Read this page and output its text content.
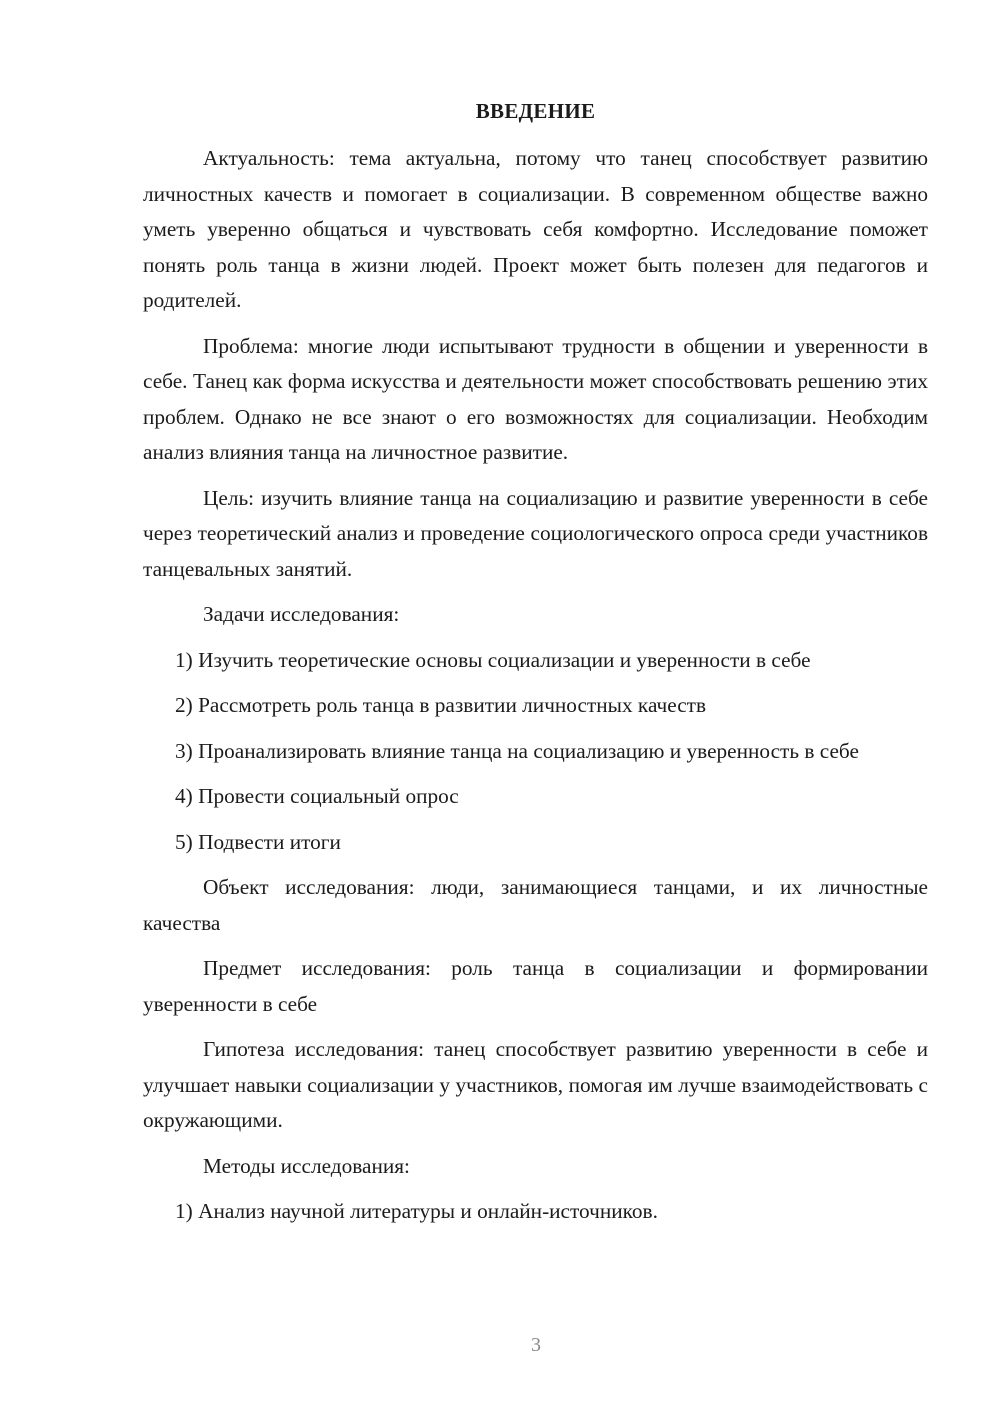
ВВЕДЕНИЕ

Актуальность: тема актуальна, потому что танец способствует развитию личностных качеств и помогает в социализации. В современном обществе важно уметь уверенно общаться и чувствовать себя комфортно. Исследование поможет понять роль танца в жизни людей. Проект может быть полезен для педагогов и родителей.

Проблема: многие люди испытывают трудности в общении и уверенности в себе. Танец как форма искусства и деятельности может способствовать решению этих проблем. Однако не все знают о его возможностях для социализации. Необходим анализ влияния танца на личностное развитие.

Цель: изучить влияние танца на социализацию и развитие уверенности в себе через теоретический анализ и проведение социологического опроса среди участников танцевальных занятий.

Задачи исследования:

1) Изучить теоретические основы социализации и уверенности в себе

2) Рассмотреть роль танца в развитии личностных качеств

3) Проанализировать влияние танца на социализацию и уверенность в себе

4) Провести социальный опрос

5) Подвести итоги

Объект исследования: люди, занимающиеся танцами, и их личностные качества

Предмет исследования: роль танца в социализации и формировании уверенности в себе

Гипотеза исследования: танец способствует развитию уверенности в себе и улучшает навыки социализации у участников, помогая им лучше взаимодействовать с окружающими.

Методы исследования:

1) Анализ научной литературы и онлайн-источников.

3
